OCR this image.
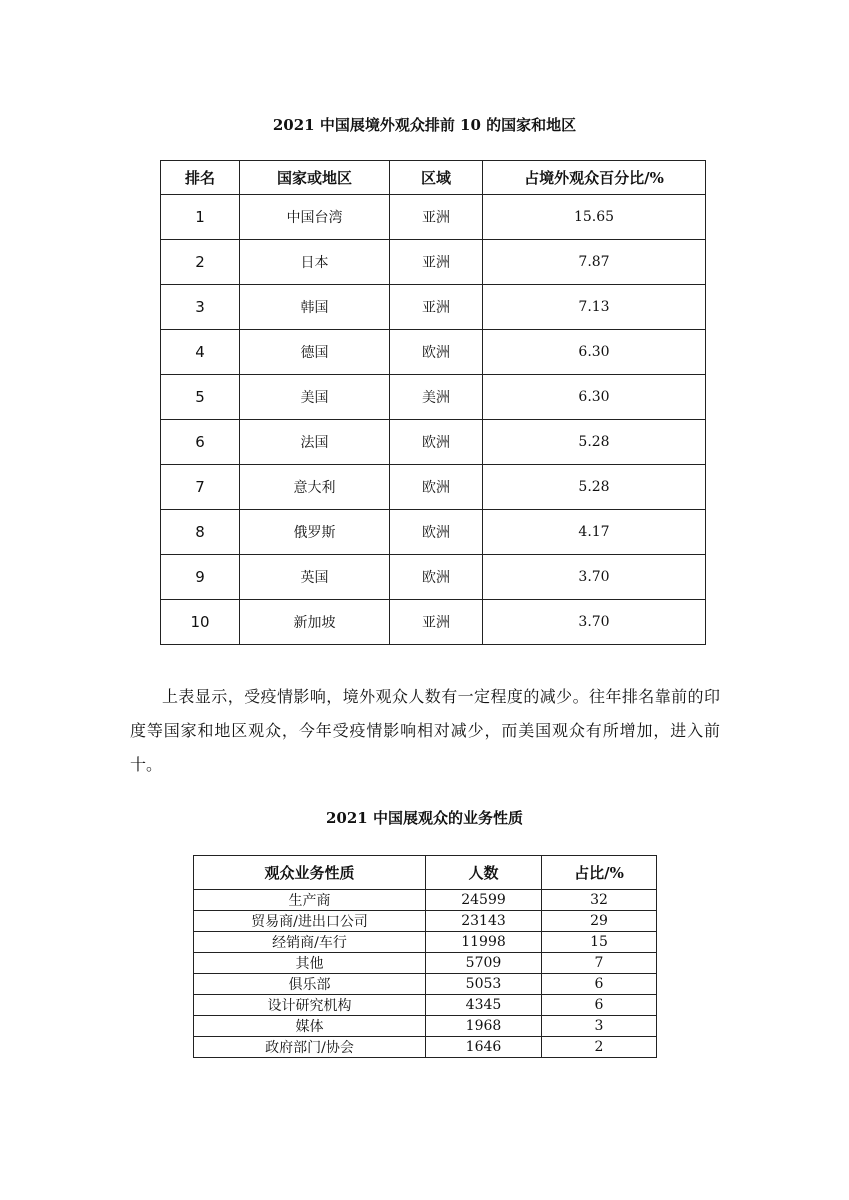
2021 中国展境外观众排前 10 的国家和地区
排名	国家或地区	区域	占境外观众百分比/%
1	中国台湾	亚洲	15.65
2	日本	亚洲	7.87
3	韩国	亚洲	7.13
4	德国	欧洲	6.30
5	美国	美洲	6.30
6	法国	欧洲	5.28
7	意大利	欧洲	5.28
8	俄罗斯	欧洲	4.17
9	英国	欧洲	3.70
10	新加坡	亚洲	3.70

上表显示，受疫情影响，境外观众人数有一定程度的减少。往年排名靠前的印度等国家和地区观众，今年受疫情影响相对减少，而美国观众有所增加，进入前十。

2021 中国展观众的业务性质
观众业务性质	人数	占比/%
生产商	24599	32
贸易商/进出口公司	23143	29
经销商/车行	11998	15
其他	5709	7
俱乐部	5053	6
设计研究机构	4345	6
媒体	1968	3
政府部门/协会	1646	2
